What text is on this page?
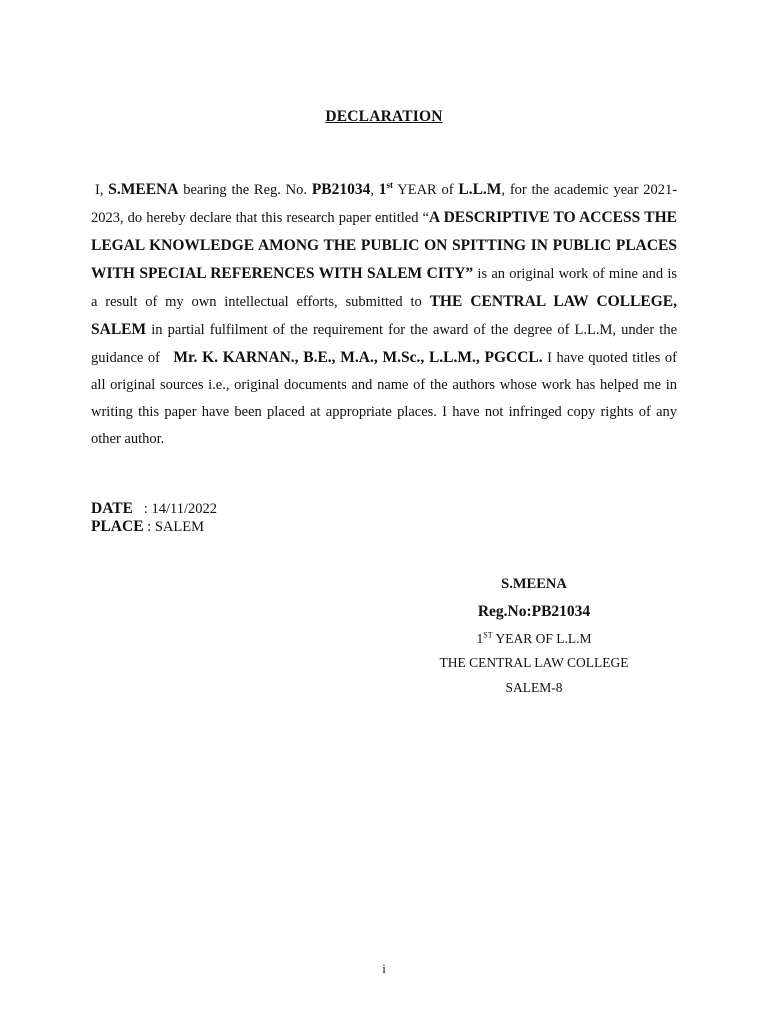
DECLARATION

I, S.MEENA bearing the Reg. No. PB21034, 1st YEAR of L.L.M, for the academic year 2021-2023, do hereby declare that this research paper entitled “A DESCRIPTIVE TO ACCESS THE LEGAL KNOWLEDGE AMONG THE PUBLIC ON SPITTING IN PUBLIC PLACES WITH SPECIAL REFERENCES WITH SALEM CITY” is an original work of mine and is a result of my own intellectual efforts, submitted to THE CENTRAL LAW COLLEGE, SALEM in partial fulfilment of the requirement for the award of the degree of L.L.M, under the guidance of   Mr. K. KARNAN., B.E., M.A., M.Sc., L.L.M., PGCCL. I have quoted titles of all original sources i.e., original documents and name of the authors whose work has helped me in writing this paper have been placed at appropriate places. I have not infringed copy rights of any other author.

DATE   : 14/11/2022
PLACE : SALEM
S.MEENA
Reg.No:PB21034
1ST YEAR OF L.L.M
THE CENTRAL LAW COLLEGE
SALEM-8
i
